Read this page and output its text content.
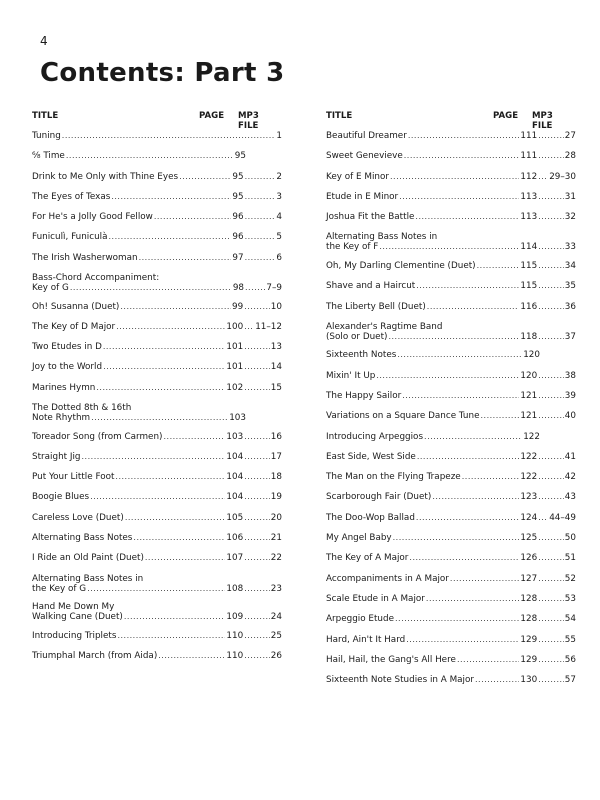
4
Contents: Part 3
TITLE	PAGE MP3 FILE
Tuning .....	1
⁶⁄₈ Time .....	95
Drink to Me Only with Thine Eyes .....	95 .....	2
The Eyes of Texas .....	95 .....	3
For He's a Jolly Good Fellow .....	96 .....	4
Funiculì, Funiculà .....	96 .....	5
The Irish Washerwoman .....	97 .....	6
Bass-Chord Accompaniment:
Key of G .....	98 .....	7–9
Oh! Susanna (Duet) .....	99 .....	10
The Key of D Major .....	100 ..... 11–12
Two Etudes in D .....	101 .....	13
Joy to the World .....	101 .....	14
Marines Hymn .....	102 .....	15
The Dotted 8th & 16th
Note Rhythm .....	103
Toreador Song (from Carmen) .....	103 .....	16
Straight Jig .....	104 .....	17
Put Your Little Foot .....	104 .....	18
Boogie Blues .....	104 .....	19
Careless Love (Duet) .....	105 .....	20
Alternating Bass Notes .....	106 .....	21
I Ride an Old Paint (Duet) .....	107 .....	22
Alternating Bass Notes in
the Key of G .....	108 .....	23
Hand Me Down My
Walking Cane (Duet) .....	109 .....	24
Introducing Triplets .....	110 .....	25
Triumphal March (from Aida) .....	110 .....	26
TITLE	PAGE MP3 FILE
Beautiful Dreamer .....	111 .....	27
Sweet Genevieve .....	111 .....	28
Key of E Minor .....	112 ..... 29–30
Etude in E Minor .....	113 .....	31
Joshua Fit the Battle .....	113 .....	32
Alternating Bass Notes in
the Key of F .....	114 .....	33
Oh, My Darling Clementine (Duet) .....	115 .....	34
Shave and a Haircut .....	115 .....	35
The Liberty Bell (Duet) .....	116 .....	36
Alexander's Ragtime Band
(Solo or Duet) .....	118 .....	37
Sixteenth Notes .....	120
Mixin' It Up .....	120 .....	38
The Happy Sailor .....	121 .....	39
Variations on a Square Dance Tune .....	121 .....	40
Introducing Arpeggios .....	122
East Side, West Side .....	122 .....	41
The Man on the Flying Trapeze .....	122 .....	42
Scarborough Fair (Duet) .....	123 .....	43
The Doo-Wop Ballad .....	124 ..... 44–49
My Angel Baby .....	125 .....	50
The Key of A Major .....	126 .....	51
Accompaniments in A Major .....	127 .....	52
Scale Etude in A Major .....	128 .....	53
Arpeggio Etude .....	128 .....	54
Hard, Ain't It Hard .....	129 .....	55
Hail, Hail, the Gang's All Here .....	129 .....	56
Sixteenth Note Studies in A Major .....	130 .....	57
